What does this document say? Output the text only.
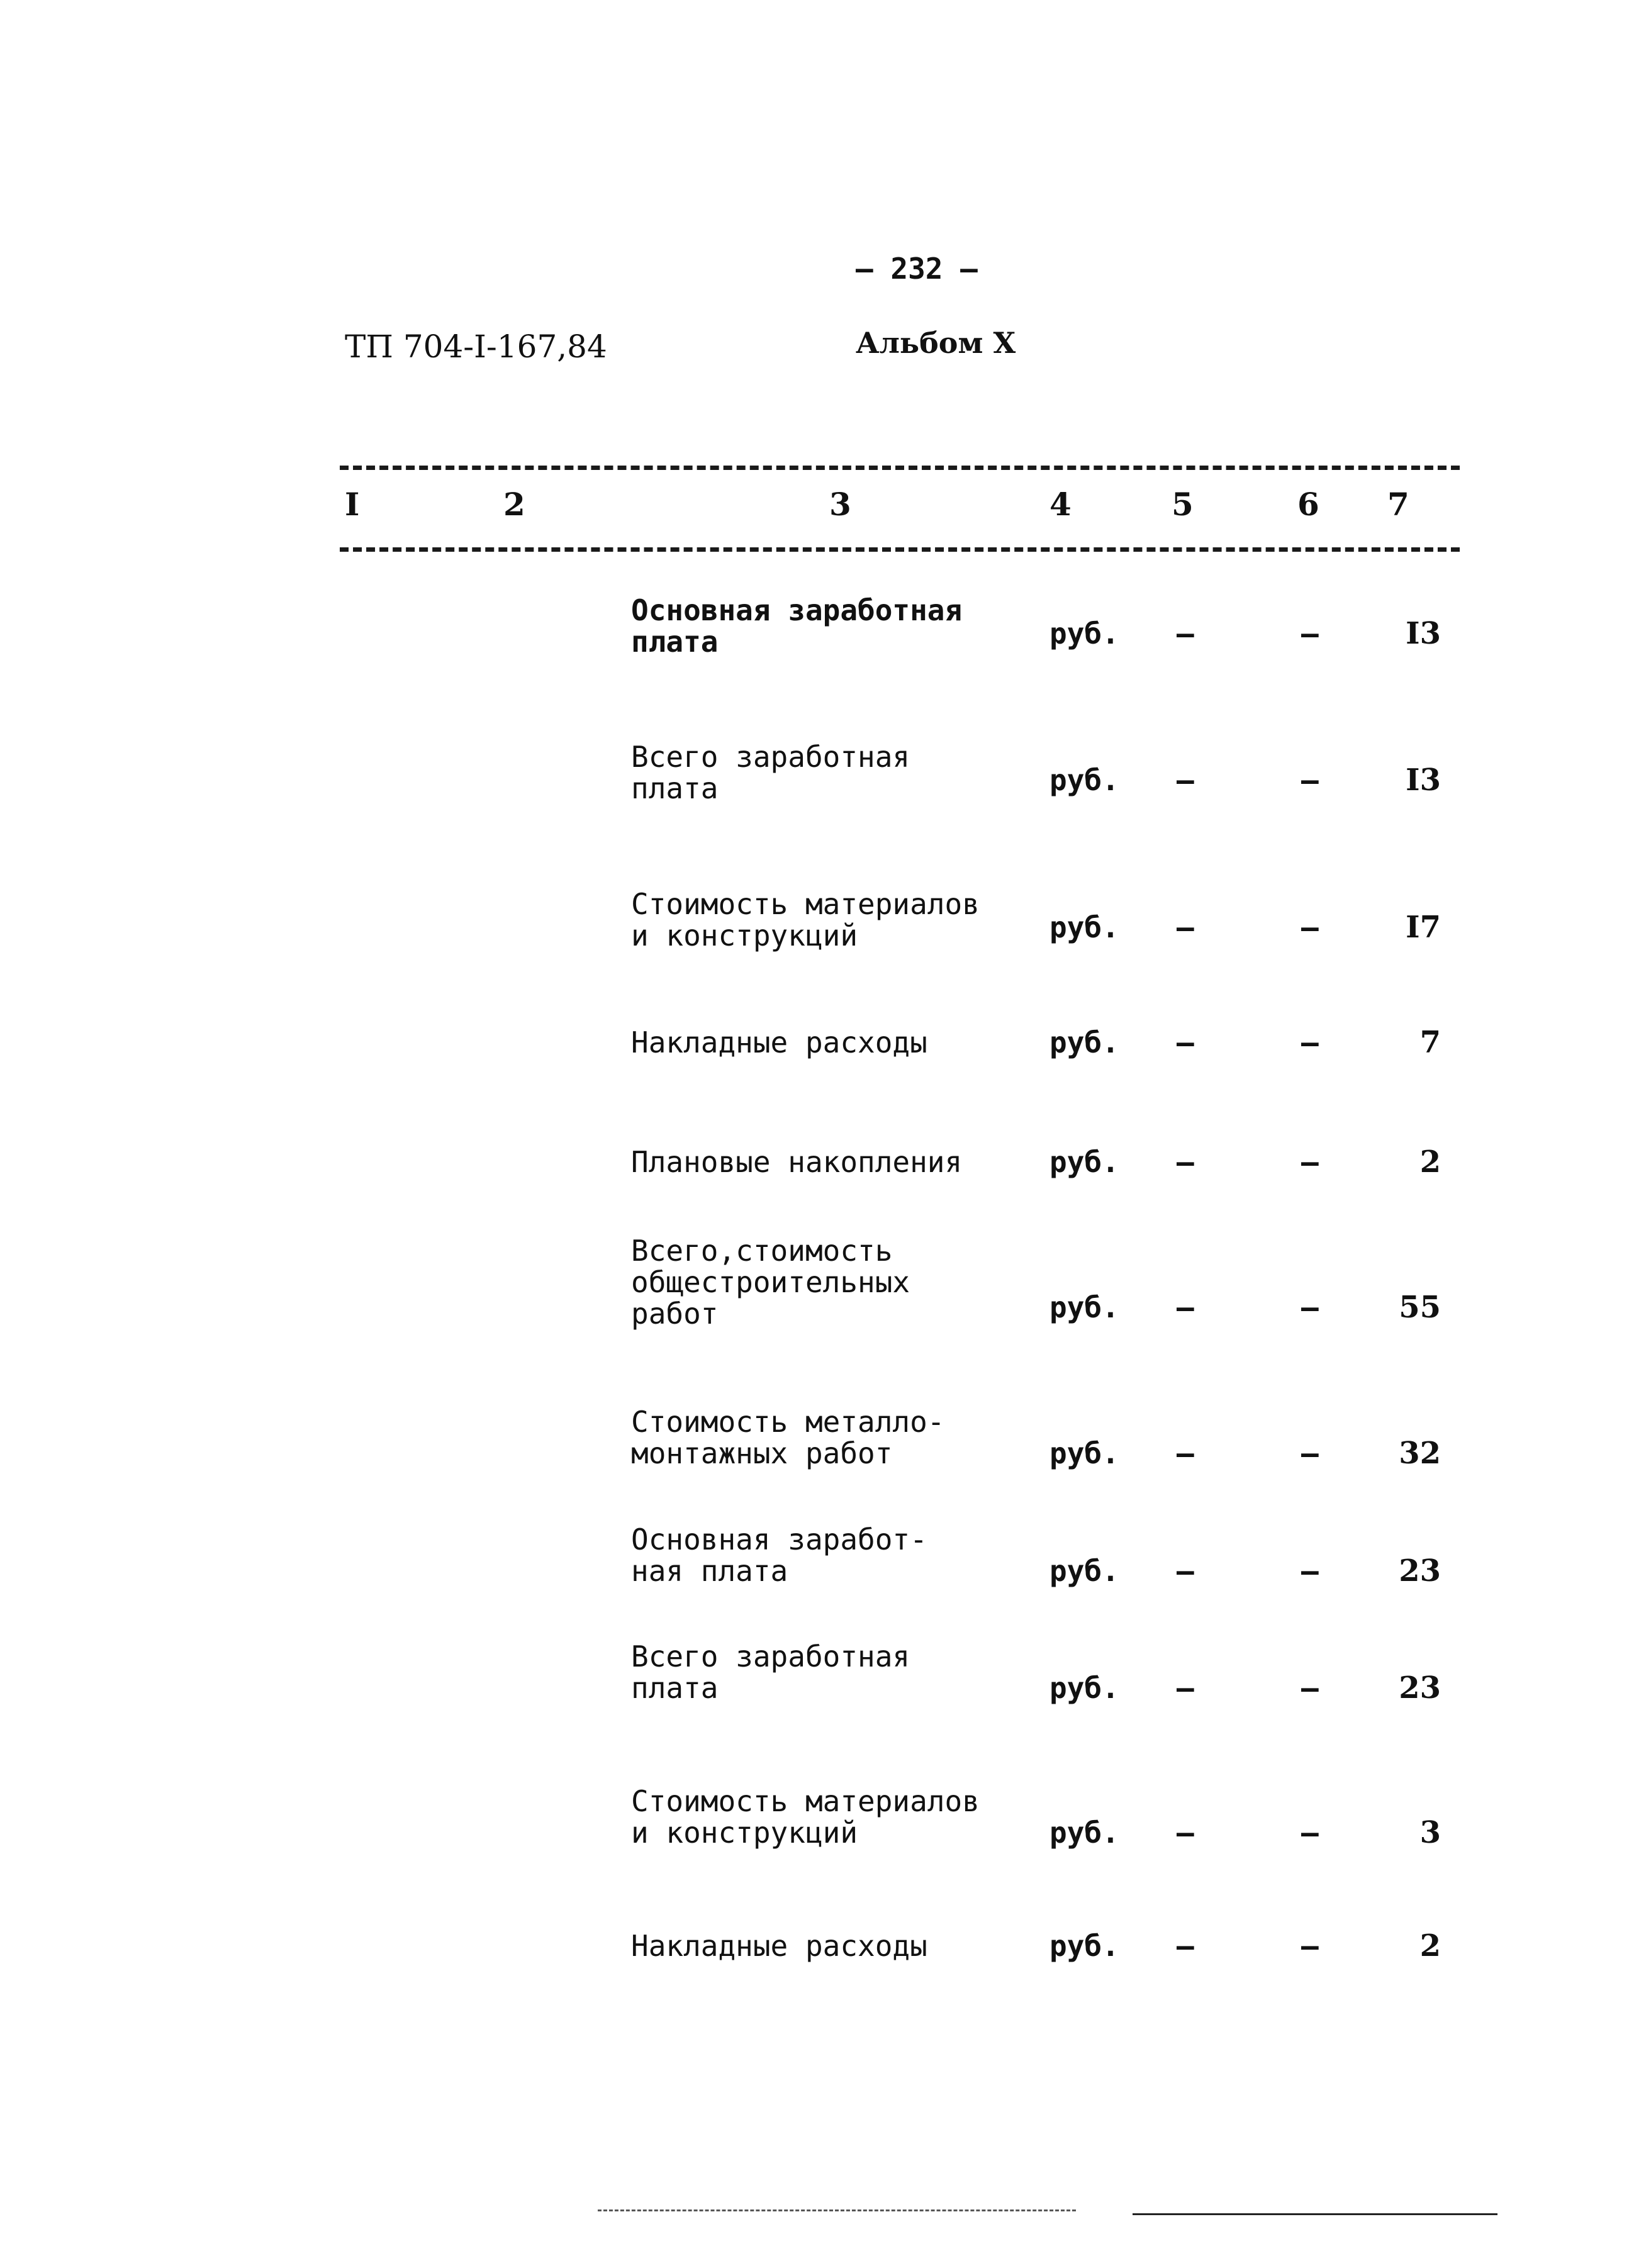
– 232 –
ТП 704-I-167,84	Альбом X
I	2	3	4	5	6 7
Основная заработная
плата	руб. –	–	I3
Всего заработная
плата	руб. –	–	I3
Стоимость материалов
и конструкций	руб. –	–	I7
Накладные расходы	руб. –	–	7
Плановые накопления	руб. –	–	2
Всего,стоимость
общестроительных
работ	руб. –	–	55
Стоимость металло-
монтажных работ	руб. –	–	32
Основная заработ-
ная плата	руб. –	–	23
Всего заработная
плата	руб. –	–	23
Стоимость материалов
и конструкций	руб. –	–	3
Накладные расходы	руб. –	–	2
